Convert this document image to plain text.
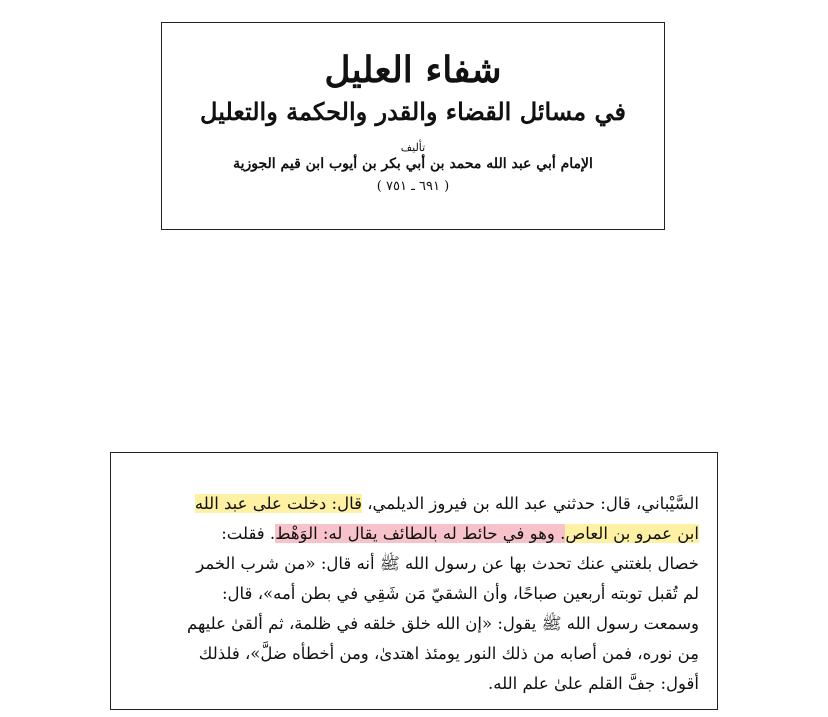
شفاء العليل
في مسائل القضاء والقدر والحكمة والتعليل
تأليف
الإمام أبي عبد الله محمد بن أبي بكر بن أيوب ابن قيم الجوزية
( ٦٩١ ـ ٧٥١ )
السَّيْباني، قال: حدثني عبد الله بن فيروز الديلمي، قال: دخلت على عبد الله
ابن عمرو بن العاص. وهو في حائط له بالطائف يقال له: الوَهْط. فقلت:
خصال بلغتني عنك تحدث بها عن رسول الله ﷺ أنه قال: «من شرب الخمر
لم تُقبل توبته أربعين صباحًا، وأن الشقيّ مَن شَقِي في بطن أمه»، قال:
وسمعت رسول الله ﷺ يقول: «إن الله خلق خلقه في ظلمة، ثم ألقىٰ عليهم
مِن نوره، فمن أصابه من ذلك النور يومئذ اهتدىٰ، ومن أخطأه ضلَّ»، فلذلك
أقول: جفَّ القلم علىٰ علم الله.
